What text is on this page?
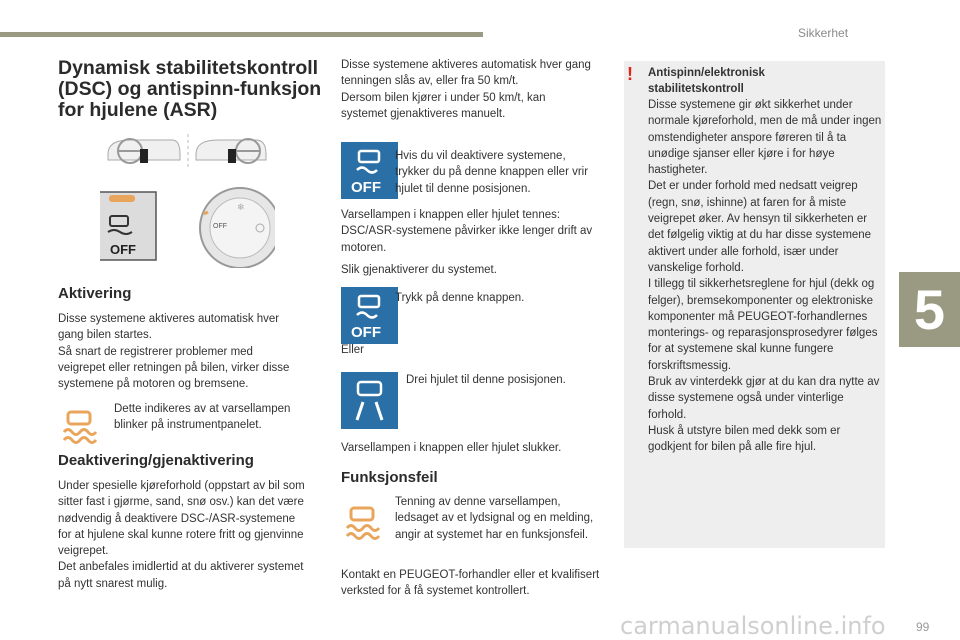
Sikkerhet
5
99
carmanualsonline.info
Dynamisk stabilitetskontroll (DSC) og antispinn-funksjon for hjulene (ASR)
OFF
OFF
❄
Aktivering
Disse systemene aktiveres automatisk hver gang bilen startes.
Så snart de registrerer problemer med veigrepet eller retningen på bilen, virker disse systemene på motoren og bremsene.
Dette indikeres av at varsellampen blinker på instrumentpanelet.
Deaktivering/gjenaktivering
Under spesielle kjøreforhold (oppstart av bil som sitter fast i gjørme, sand, snø osv.) kan det være nødvendig å deaktivere DSC-/ASR-systemene for at hjulene skal kunne rotere fritt og gjenvinne veigrepet.
Det anbefales imidlertid at du aktiverer systemet på nytt snarest mulig.
Disse systemene aktiveres automatisk hver gang tenningen slås av, eller fra 50 km/t.
Dersom bilen kjører i under 50 km/t, kan systemet gjenaktiveres manuelt.
OFF
Hvis du vil deaktivere systemene, trykker du på denne knappen eller vrir hjulet til denne posisjonen.
Varsellampen i knappen eller hjulet tennes: DSC/ASR-systemene påvirker ikke lenger drift av motoren.
Slik gjenaktiverer du systemet.
OFF
Trykk på denne knappen.
Eller
Drei hjulet til denne posisjonen.
Varsellampen i knappen eller hjulet slukker.
Funksjonsfeil
Tenning av denne varsellampen, ledsaget av et lydsignal og en melding, angir at systemet har en funksjonsfeil.
Kontakt en PEUGEOT-forhandler eller et kvalifisert verksted for å få systemet kontrollert.
! Antispinn/elektronisk stabilitetskontroll
Disse systemene gir økt sikkerhet under normale kjøreforhold, men de må under ingen omstendigheter anspore føreren til å ta unødige sjanser eller kjøre i for høye hastigheter.
Det er under forhold med nedsatt veigrep (regn, snø, ishinne) at faren for å miste veigrepet øker. Av hensyn til sikkerheten er det følgelig viktig at du har disse systemene aktivert under alle forhold, især under vanskelige forhold.
I tillegg til sikkerhetsreglene for hjul (dekk og felger), bremsekomponenter og elektroniske komponenter må PEUGEOT-forhandlernes monterings- og reparasjonsprosedyrer følges for at systemene skal kunne fungere forskriftsmessig.
Bruk av vinterdekk gjør at du kan dra nytte av disse systemene også under vinterlige forhold.
Husk å utstyre bilen med dekk som er godkjent for bilen på alle fire hjul.
